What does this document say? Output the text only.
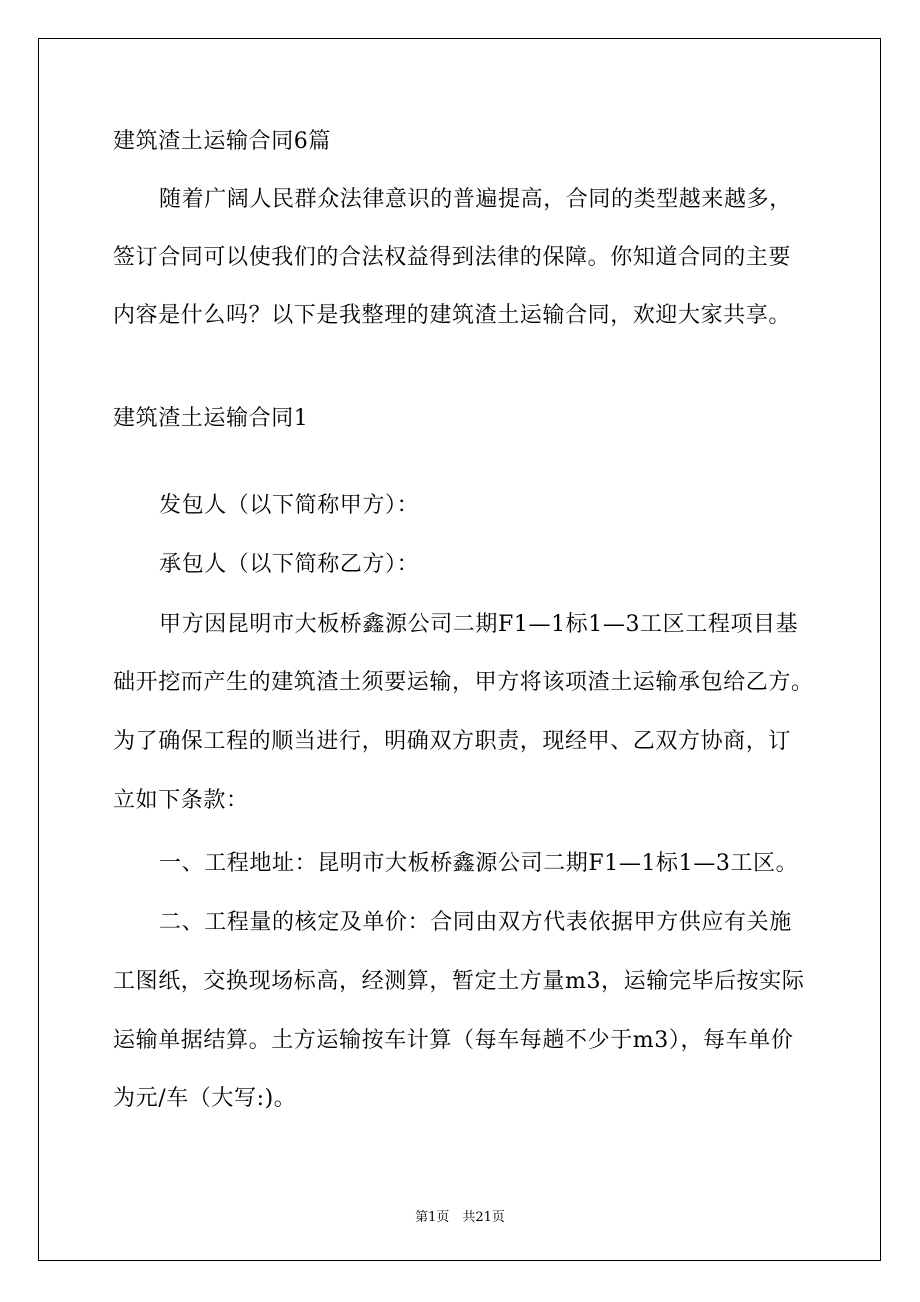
建筑渣土运输合同6篇
随着广阔人民群众法律意识的普遍提高，合同的类型越来越多，
签订合同可以使我们的合法权益得到法律的保障。你知道合同的主要
内容是什么吗？以下是我整理的建筑渣土运输合同，欢迎大家共享。
建筑渣土运输合同1
发包人（以下简称甲方）：
承包人（以下简称乙方）：
甲方因昆明市大板桥鑫源公司二期F1—1标1—3工区工程项目基
础开挖而产生的建筑渣土须要运输，甲方将该项渣土运输承包给乙方。
为了确保工程的顺当进行，明确双方职责，现经甲、乙双方协商，订
立如下条款：
一、工程地址：昆明市大板桥鑫源公司二期F1—1标1—3工区。
二、工程量的核定及单价：合同由双方代表依据甲方供应有关施
工图纸，交换现场标高，经测算，暂定土方量m3，运输完毕后按实际
运输单据结算。土方运输按车计算（每车每趟不少于m3），每车单价
为元/车（大写:)。
第1页　共21页
